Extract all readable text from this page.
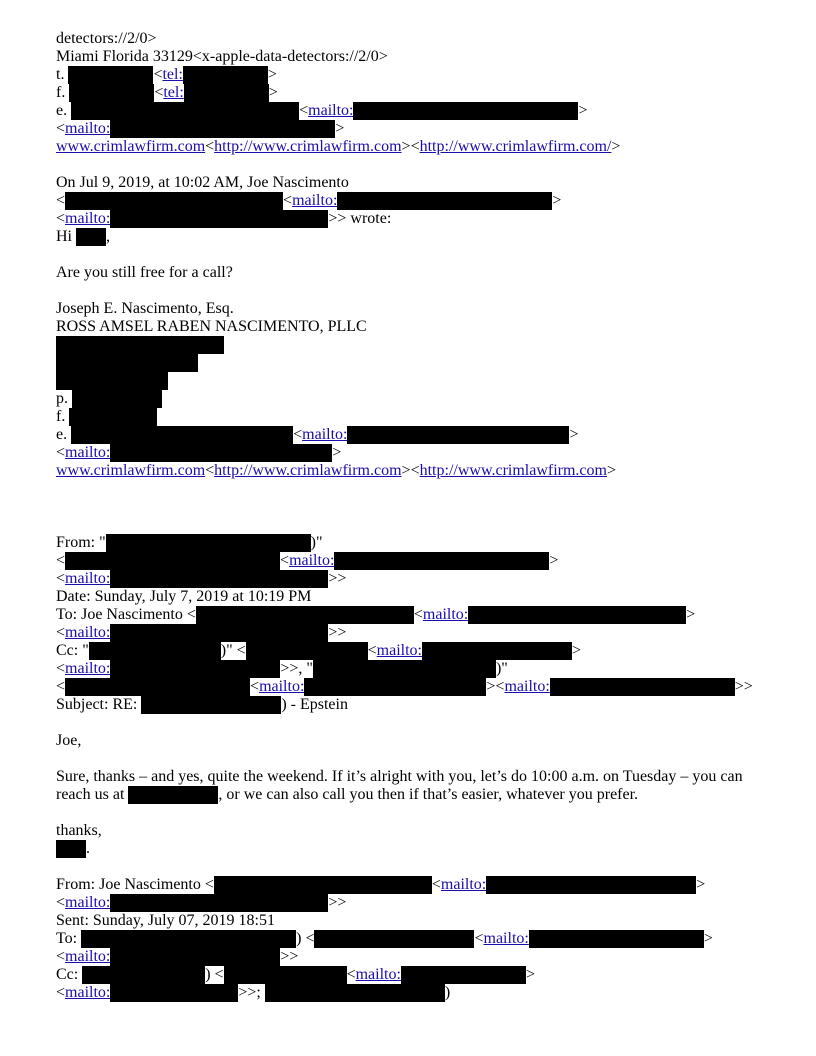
detectors://2/0>
Miami Florida 33129<x-apple-data-detectors://2/0>
t.	<tel:	>
f.	<tel:	>
e.	<mailto:	>
<mailto:	>
www.crimlawfirm.com<http://www.crimlawfirm.com><http://www.crimlawfirm.com/>
On Jul 9, 2019, at 10:02 AM, Joe Nascimento
<	<mailto:	>
<mailto:	>> wrote:
Hi ,
Are you still free for a call?
Joseph E. Nascimento, Esq.
ROSS AMSEL RABEN NASCIMENTO, PLLC
p.
f.
e.	<mailto:	>
<mailto:	>
www.crimlawfirm.com<http://www.crimlawfirm.com><http://www.crimlawfirm.com>
From: "	)"
<	<mailto:	>
<mailto:	>>
Date: Sunday, July 7, 2019 at 10:19 PM
To: Joe Nascimento <	<mailto:	>
<mailto:	>>
Cc: "	)" <	<mailto:	>
<mailto:	>>, "	)"
<	<mailto:	><mailto:	>>
Subject: RE:	) - Epstein
Joe,
Sure, thanks – and yes, quite the weekend. If it’s alright with you, let’s do 10:00 a.m. on Tuesday – you can
reach us at	, or we can also call you then if that’s easier, whatever you prefer.
thanks,
.
From: Joe Nascimento <	<mailto:	>
<mailto:	>>
Sent: Sunday, July 07, 2019 18:51
To:	) <	<mailto:	>
<mailto:	>>
Cc:	) <	<mailto:	>
<mailto:	>>;	)
